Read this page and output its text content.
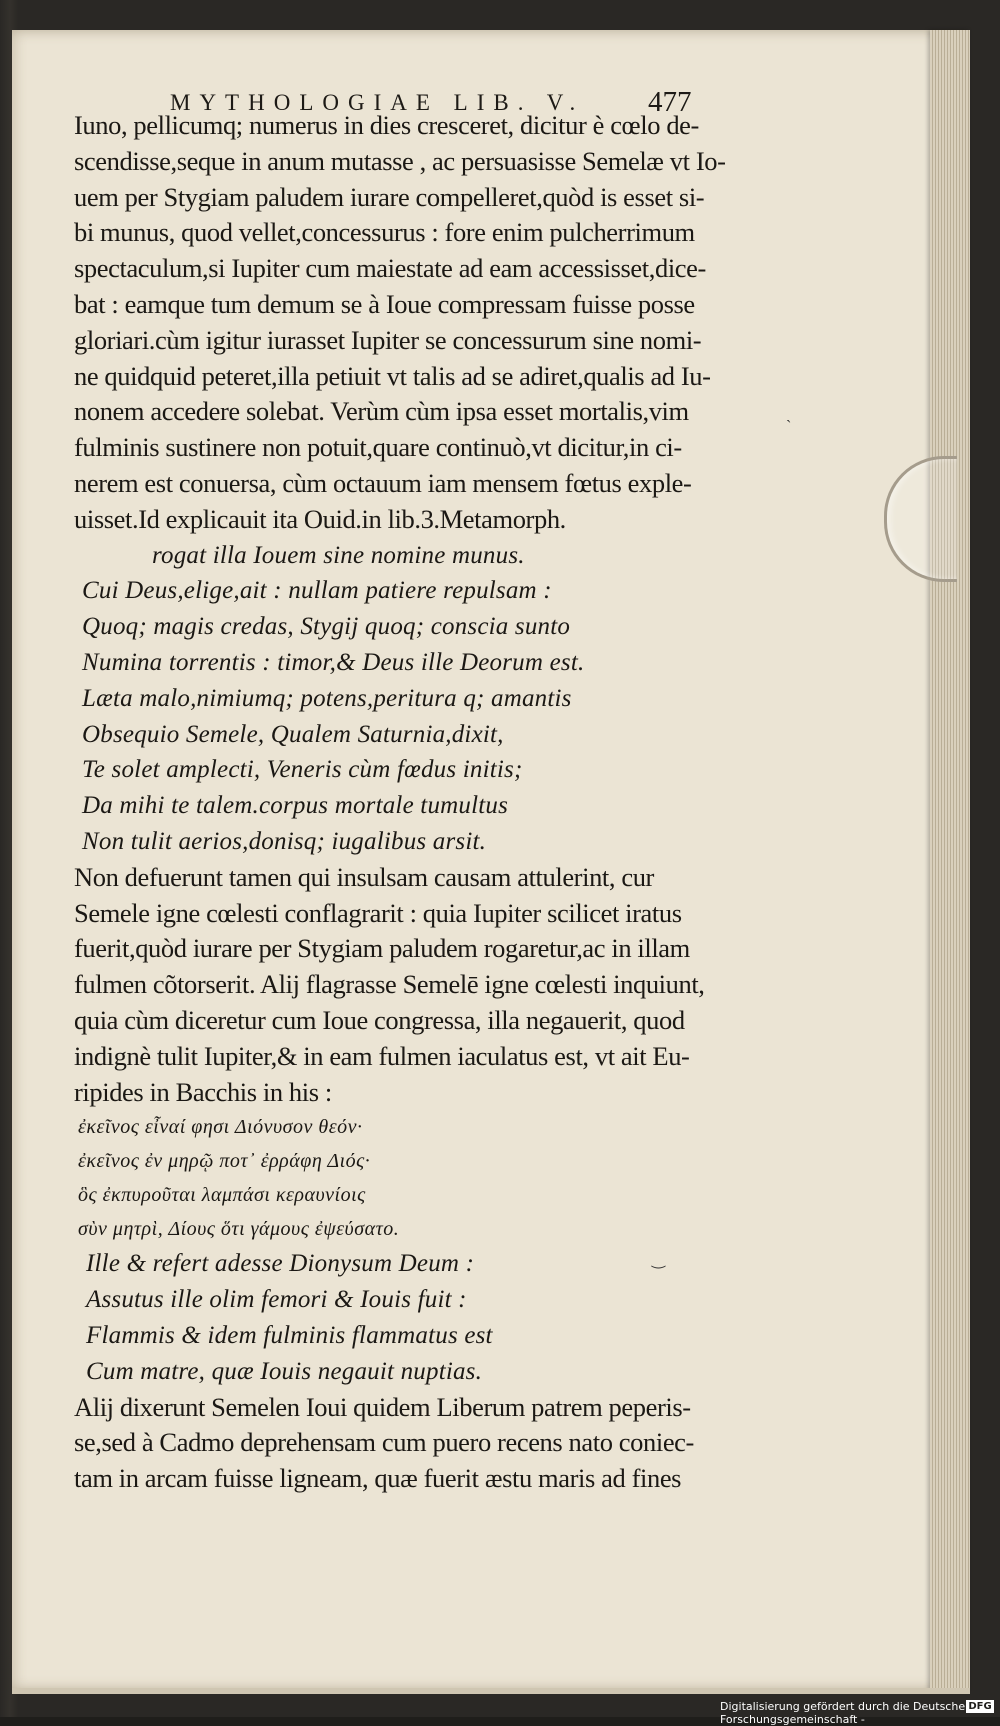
ˎ
‿
MYTHOLOGIAE LIB. V. 477
Iuno, pellicumq; numerus in dies cresceret, dicitur è cœlo de-
scendisse,seque in anum mutasse , ac persuasisse Semelæ vt Io-
uem per Stygiam paludem iurare compelleret,quòd is esset si-
bi munus, quod vellet,concessurus : fore enim pulcherrimum
spectaculum,si Iupiter cum maiestate ad eam accessisset,dice-
bat : eamque tum demum se à Ioue compressam fuisse posse
gloriari.cùm igitur iurasset Iupiter se concessurum sine nomi-
ne quidquid peteret,illa petiuit vt talis ad se adiret,qualis ad Iu-
nonem accedere solebat. Verùm cùm ipsa esset mortalis,vim
fulminis sustinere non potuit,quare continuò,vt dicitur,in ci-
nerem est conuersa, cùm octauum iam mensem fœtus exple-
uisset.Id explicauit ita Ouid.in lib.3.Metamorph.
rogat illa Iouem sine nomine munus.
Cui Deus,elige,ait : nullam patiere repulsam :
Quoq; magis credas, Stygij quoq; conscia sunto
Numina torrentis : timor,& Deus ille Deorum est.
Læta malo,nimiumq; potens,peritura q; amantis
Obsequio Semele, Qualem Saturnia,dixit,
Te solet amplecti, Veneris cùm fœdus initis;
Da mihi te talem.corpus mortale tumultus
Non tulit aerios,donisq; iugalibus arsit.
Non defuerunt tamen qui insulsam causam attulerint, cur
Semele igne cœlesti conflagrarit : quia Iupiter scilicet iratus
fuerit,quòd iurare per Stygiam paludem rogaretur,ac in illam
fulmen cõtorserit. Alij flagrasse Semelē igne cœlesti inquiunt,
quia cùm diceretur cum Ioue congressa, illa negauerit, quod
indignè tulit Iupiter,& in eam fulmen iaculatus est, vt ait Eu-
ripides in Bacchis in his :
ἐκεῖνος εἶναί φησι Διόνυσον θεόν·
ἐκεῖνος ἐν μηρῷ ποτ᾽ ἐρράφη Διός·
ὃς ἐκπυροῦται λαμπάσι κεραυνίοις
σὺν μητρὶ, Δίους ὅτι γάμους ἐψεύσατο.
Ille & refert adesse Dionysum Deum :
Assutus ille olim femori & Iouis fuit :
Flammis & idem fulminis flammatus est
Cum matre, quæ Iouis negauit nuptias.
Alij dixerunt Semelen Ioui quidem Liberum patrem peperis-
se,sed à Cadmo deprehensam cum puero recens nato coniec-
tam in arcam fuisse ligneam, quæ fuerit æstu maris ad fines
Digitalisierung gefördert durch die Deutsche Forschungsgemeinschaft -
DFG
